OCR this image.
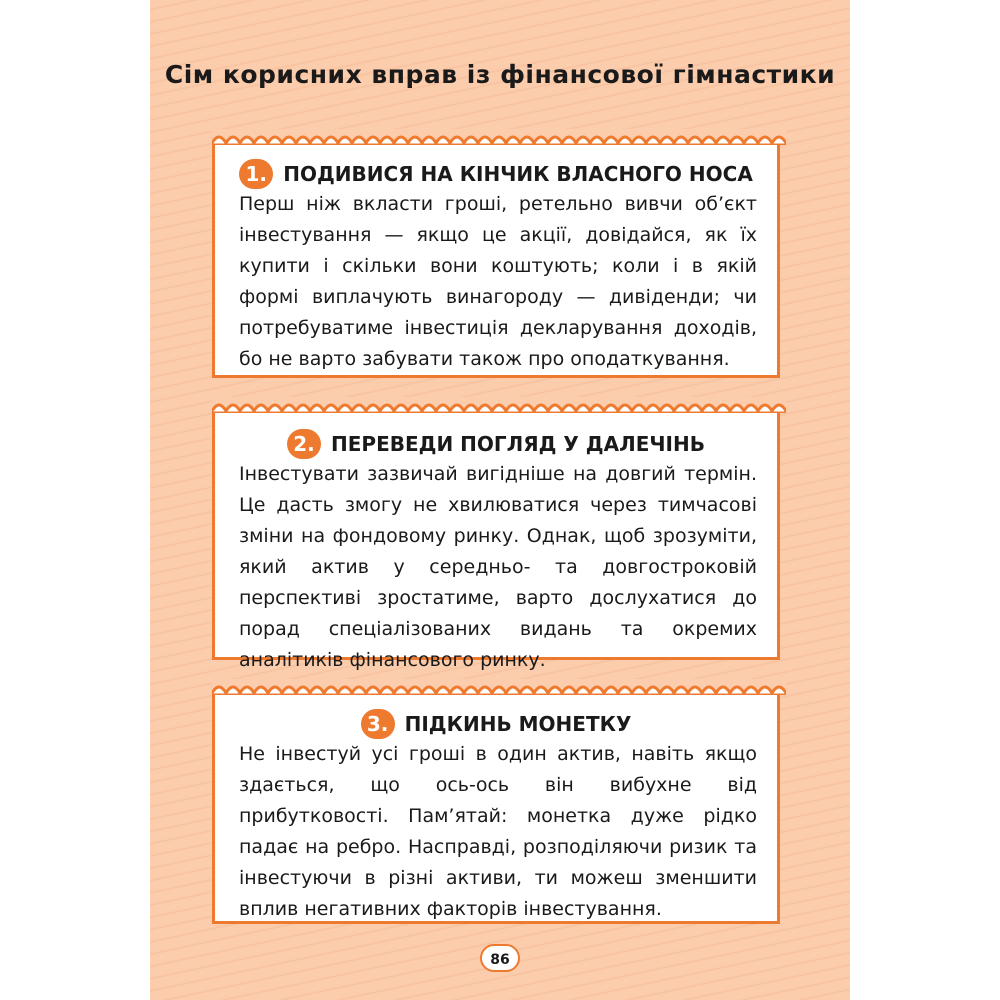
Сім корисних вправ із фінансової гімнастики
1. ПОДИВИСЯ НА КІНЧИК ВЛАСНОГО НОСА
Перш ніж вкласти гроші, ретельно вивчи об’єкт інвестування — якщо це акції, довідайся, як їх купити і скільки вони коштують; коли і в якій формі виплачують винагороду — дивіденди; чи потребуватиме інвестиція декларування доходів, бо не варто забувати також про оподаткування.
2. ПЕРЕВЕДИ ПОГЛЯД У ДАЛЕЧІНЬ
Інвестувати зазвичай вигідніше на довгий термін. Це дасть змогу не хвилюватися через тимчасові зміни на фондовому ринку. Однак, щоб зрозуміти, який актив у середньо- та довгостроковій перспективі зростатиме, варто дослухатися до порад спеціалізованих видань та окремих аналітиків фінансового ринку.
3. ПІДКИНЬ МОНЕТКУ
Не інвестуй усі гроші в один актив, навіть якщо здається, що ось-ось він вибухне від прибутковості. Пам’ятай: монетка дуже рідко падає на ребро. Насправді, розподіляючи ризик та інвестуючи в різні активи, ти можеш зменшити вплив негативних факторів інвестування.
86
